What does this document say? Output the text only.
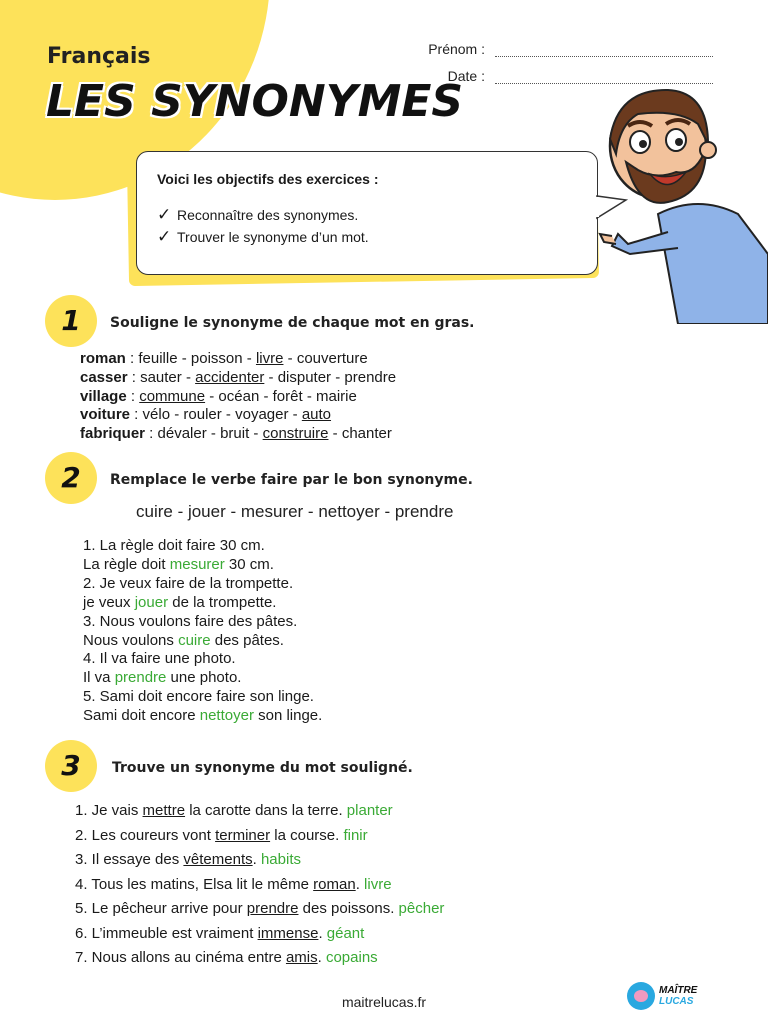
Français
LES SYNONYMES
Prénom :
Date :
Voici les objectifs des exercices :
✓ Reconnaître des synonymes.
✓ Trouver le synonyme d’un mot.
1	Souligne le synonyme de chaque mot en gras.
roman : feuille - poisson - livre - couverture
casser : sauter - accidenter - disputer - prendre
village : commune - océan - forêt - mairie
voiture : vélo - rouler - voyager - auto
fabriquer : dévaler - bruit - construire - chanter
2	Remplace le verbe faire par le bon synonyme.
cuire - jouer - mesurer - nettoyer - prendre
1. La règle doit faire 30 cm.
La règle doit mesurer 30 cm.
2. Je veux faire de la trompette.
je veux jouer de la trompette.
3. Nous voulons faire des pâtes.
Nous voulons cuire des pâtes.
4. Il va faire une photo.
Il va prendre une photo.
5. Sami doit encore faire son linge.
Sami doit encore nettoyer son linge.
3	Trouve un synonyme du mot souligné.
1. Je vais mettre la carotte dans la terre. planter
2. Les coureurs vont terminer la course. finir
3. Il essaye des vêtements. habits
4. Tous les matins, Elsa lit le même roman. livre
5. Le pêcheur arrive pour prendre des poissons. pêcher
6. L’immeuble est vraiment immense. géant
7. Nous allons au cinéma entre amis. copains
maitrelucas.fr
MAÎTRE
LUCAS
